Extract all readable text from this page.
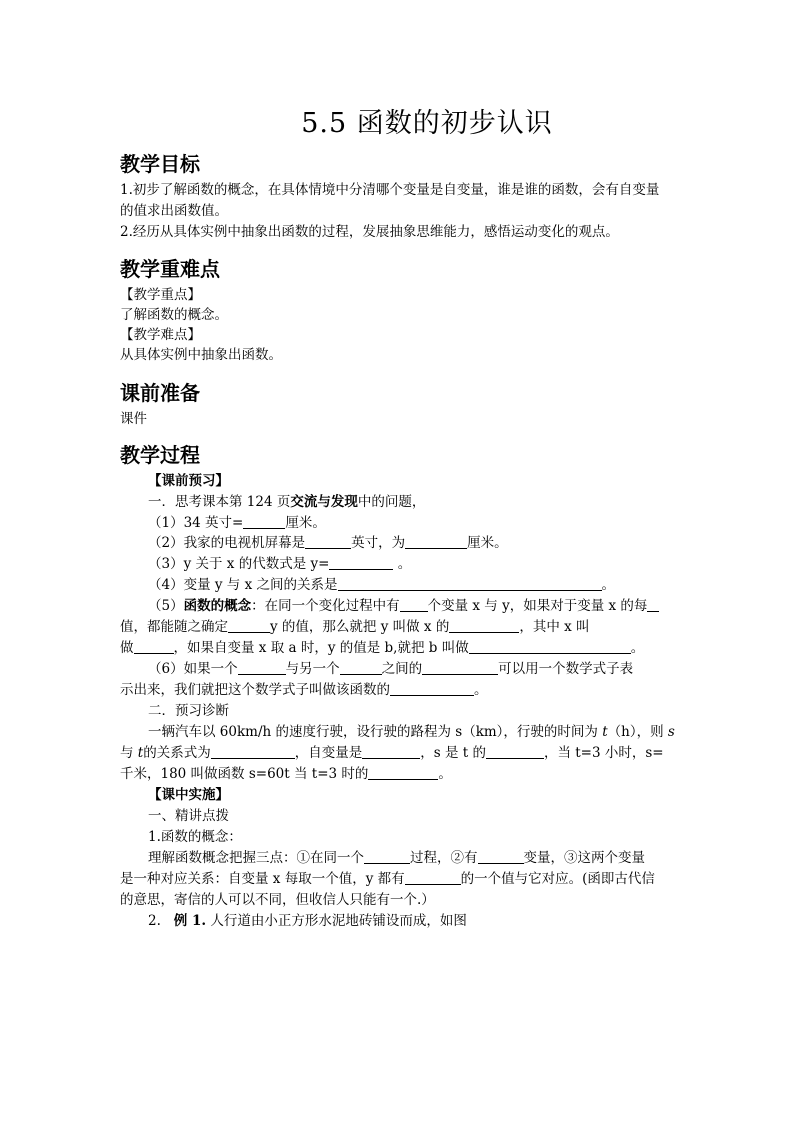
5.5 函数的初步认识
教学目标
1.初步了解函数的概念，在具体情境中分清哪个变量是自变量，谁是谁的函数，会有自变量
的值求出函数值。
2.经历从具体实例中抽象出函数的过程，发展抽象思维能力，感悟运动变化的观点。
教学重难点
【教学重点】
了解函数的概念。
【教学难点】
从具体实例中抽象出函数。
课前准备
课件
教学过程
【课前预习】
一．思考课本第 124 页交流与发现中的问题，
（1）34 英寸=	厘米。
（2）我家的电视机屏幕是	英寸，为	厘米。
（3）y 关于 x 的代数式是 y=	。
（4）变量 y 与 x 之间的关系是	。
（5）函数的概念：在同一个变化过程中有 个变量 x 与 y，如果对于变量 x 的每
值，都能随之确定	y 的值，那么就把 y 叫做 x 的	，其中 x 叫
做	，如果自变量 x 取 a 时，y 的值是 b,就把 b 叫做	。
（6）如果一个	与另一个	之间的	可以用一个数学式子表
示出来，我们就把这个数学式子叫做该函数的	。
二．预习诊断
一辆汽车以 60km/h 的速度行驶，设行驶的路程为 s（km），行驶的时间为 t（h），则 s
与 t的关系式为	，自变量是	，s 是 t 的	，当 t=3 小时，s=
千米，180 叫做函数 s=60t 当 t=3 时的	。
【课中实施】
一、精讲点拨
1.函数的概念：
理解函数概念把握三点：①在同一个	过程，②有	变量，③这两个变量
是一种对应关系：自变量 x 每取一个值，y 都有	的一个值与它对应。(函即古代信
的意思，寄信的人可以不同，但收信人只能有一个.）
2. 例 1. 人行道由小正方形水泥地砖铺设而成，如图
